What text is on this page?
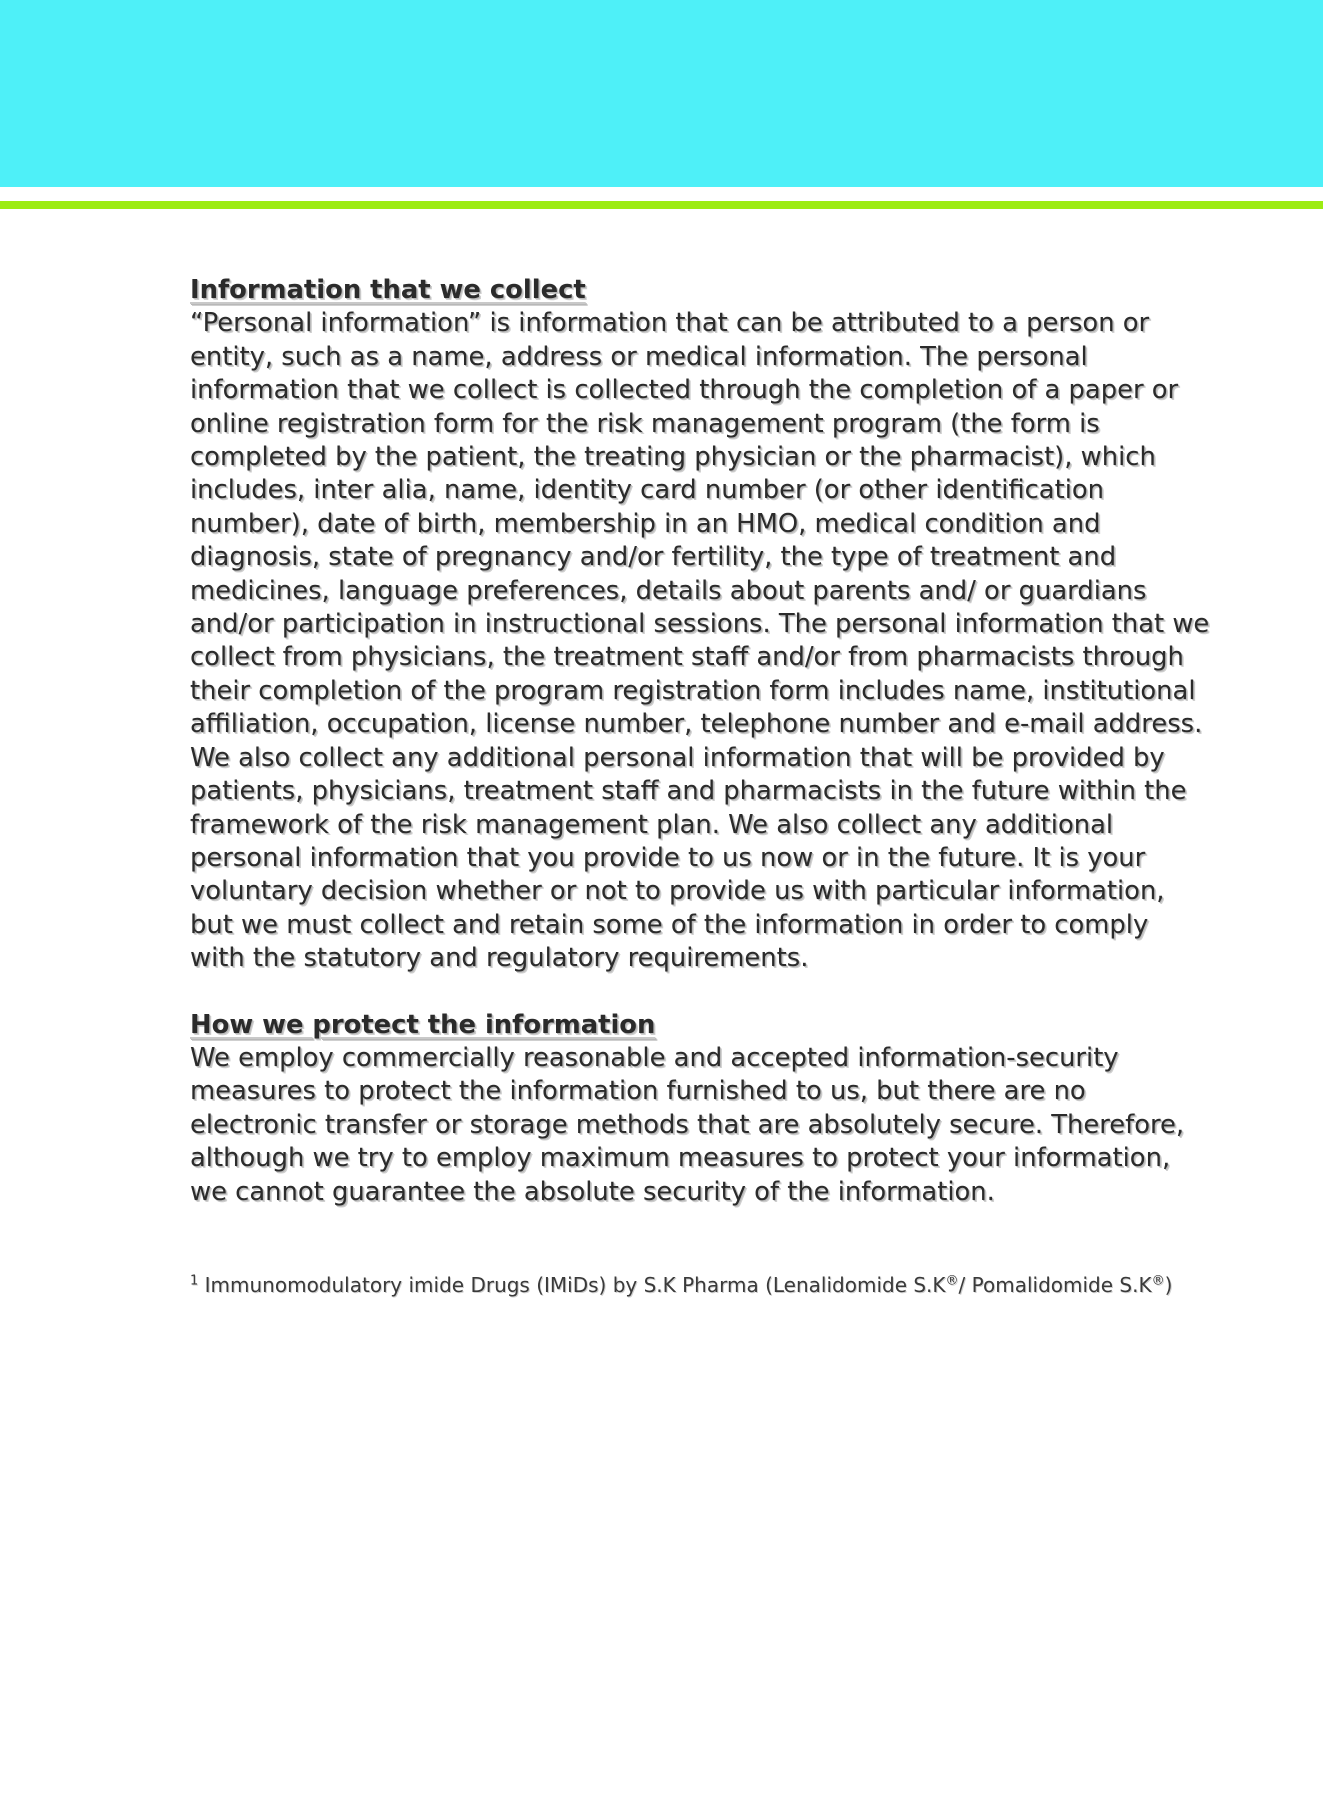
Information that we collect

“Personal information” is information that can be attributed to a person or entity, such as a name, address or medical information. The personal information that we collect is collected through the completion of a paper or online registration form for the risk management program (the form is completed by the patient, the treating physician or the pharmacist), which includes, inter alia, name, identity card number (or other identification number), date of birth, membership in an HMO, medical condition and diagnosis, state of pregnancy and/or fertility, the type of treatment and medicines, language preferences, details about parents and/ or guardians and/or participation in instructional sessions. The personal information that we collect from physicians, the treatment staff and/or from pharmacists through their completion of the program registration form includes name, institutional affiliation, occupation, license number, telephone number and e-mail address. We also collect any additional personal information that will be provided by patients, physicians, treatment staff and pharmacists in the future within the framework of the risk management plan. We also collect any additional personal information that you provide to us now or in the future. It is your voluntary decision whether or not to provide us with particular information, but we must collect and retain some of the information in order to comply with the statutory and regulatory requirements.

How we protect the information

We employ commercially reasonable and accepted information-security measures to protect the information furnished to us, but there are no electronic transfer or storage methods that are absolutely secure. Therefore, although we try to employ maximum measures to protect your information, we cannot guarantee the absolute security of the information.

$^1$ Immunomodulatory imide Drugs (IMiDs) by S.K Pharma (Lenalidomide S.K®/ Pomalidomide S.K®)
